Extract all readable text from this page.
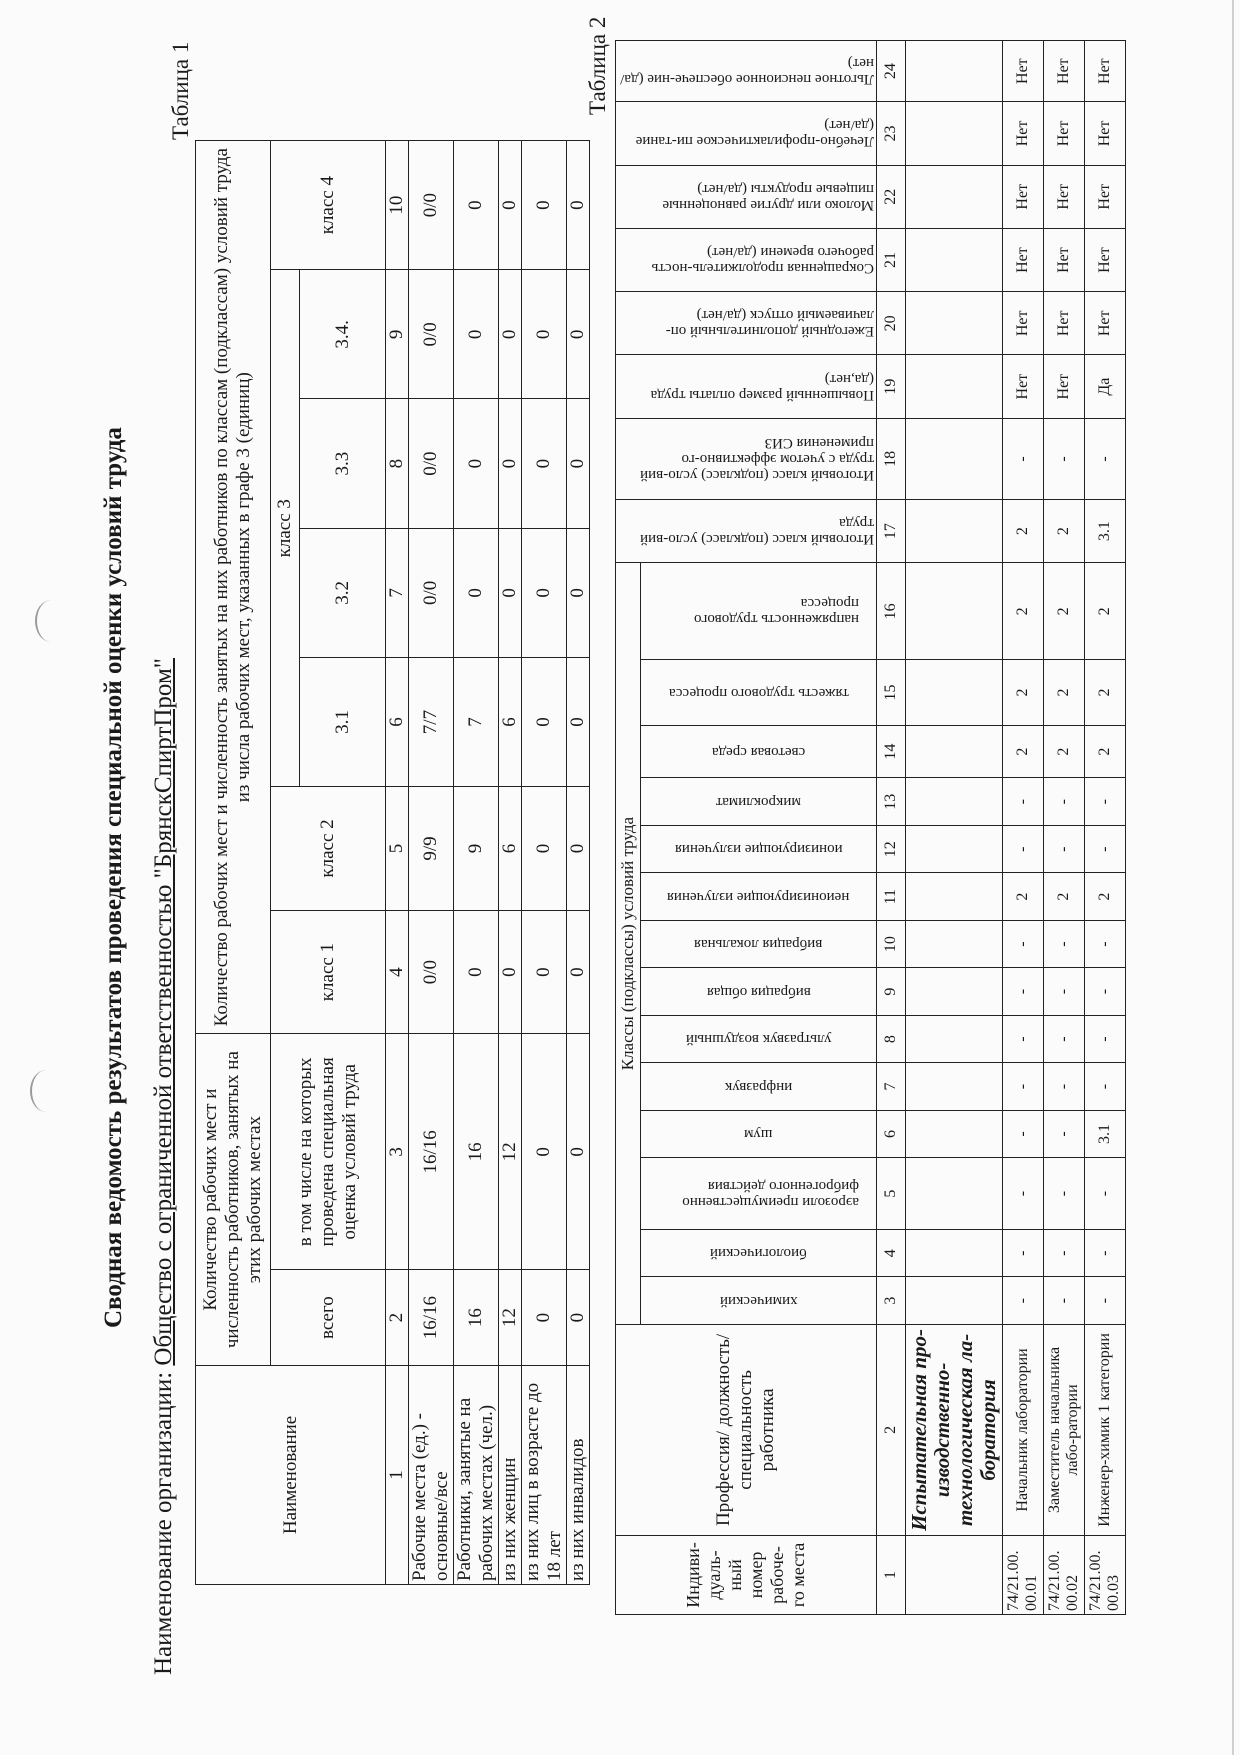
Сводная ведомость результатов проведения специальной оценки условий труда
Наименование организации: Общество с ограниченной ответственностью "БрянскСпиртПром"
Таблица 1
Наименование	Количество рабочих мест и численность работников, занятых на этих рабочих местах		Количество рабочих мест и численность занятых на них работников по классам (подклассам) условий труда из числа рабочих мест, указанных в графе 3 (единиц)						
	всего	в том числе на которых проведена специальная оценка условий труда	класс 1	класс 2	класс 3				класс 4
					3.1	3.2	3.3	3.4.	
1	2	3	4	5	6	7	8	9	10
Рабочие места (ед.) - основные/все	16/16	16/16	0/0	9/9	7/7	0/0	0/0	0/0	0/0
Работники, занятые на рабочих местах (чел.)	16	16	0	9	7	0	0	0	0
из них женщин	12	12	0	6	6	0	0	0	0
из них лиц в возрасте до 18 лет	0	0	0	0	0	0	0	0	0
из них инвалидов	0	0	0	0	0	0	0	0	0
Таблица 2
Индиви-дуаль-ный номер рабоче-го места	Профессия/ должность/ специальность работника	Классы (подклассы) условий труда														Итоговый класс (подкласс) усло-вий труда	Итоговый класс (подкласс) усло-вий труда с учетом эффективно-го применения СИЗ	Повышенный размер оплаты труда (да,нет)	Ежегодный дополнительный оп-лачиваемый отпуск (да/нет)	Сокращенная продолжитель-ность рабочего времени (да/нет)	Молоко или другие равноценные пищевые продукты (да/нет)	Лечебно-профилактическое пи-тание (да/нет)	Льготное пенсионное обеспече-ние (да/нет)

		химический	биологический	аэрозоли преимущественно фиброгенного действия	шум	инфразвук	ультразвук воздушный	вибрация общая	вибрация локальная	неионизирующие излучения	ионизирующие излучения	микроклимат	световая среда	тяжесть трудового процесса	напряженность трудового процесса								

1	2	3	4	5	6	7	8	9	10	11	12	13	14	15	16	17	18	19	20	21	22	23	24
	Испытательная про-изводственно-технологическая ла-боратория																						
74/21.00. 00.01	Начальник лаборатории	-	-	-	-	-	-	-	-	2	-	-	2	2	2	2	-	Нет	Нет	Нет	Нет	Нет	Нет
74/21.00. 00.02	Заместитель начальника лабо-ратории	-	-	-	-	-	-	-	-	2	-	-	2	2	2	2	-	Нет	Нет	Нет	Нет	Нет	Нет
74/21.00. 00.03	Инженер-химик 1 категории	-	-	-	3.1	-	-	-	-	2	-	-	2	2	2	3.1	-	Да	Нет	Нет	Нет	Нет	Нет
